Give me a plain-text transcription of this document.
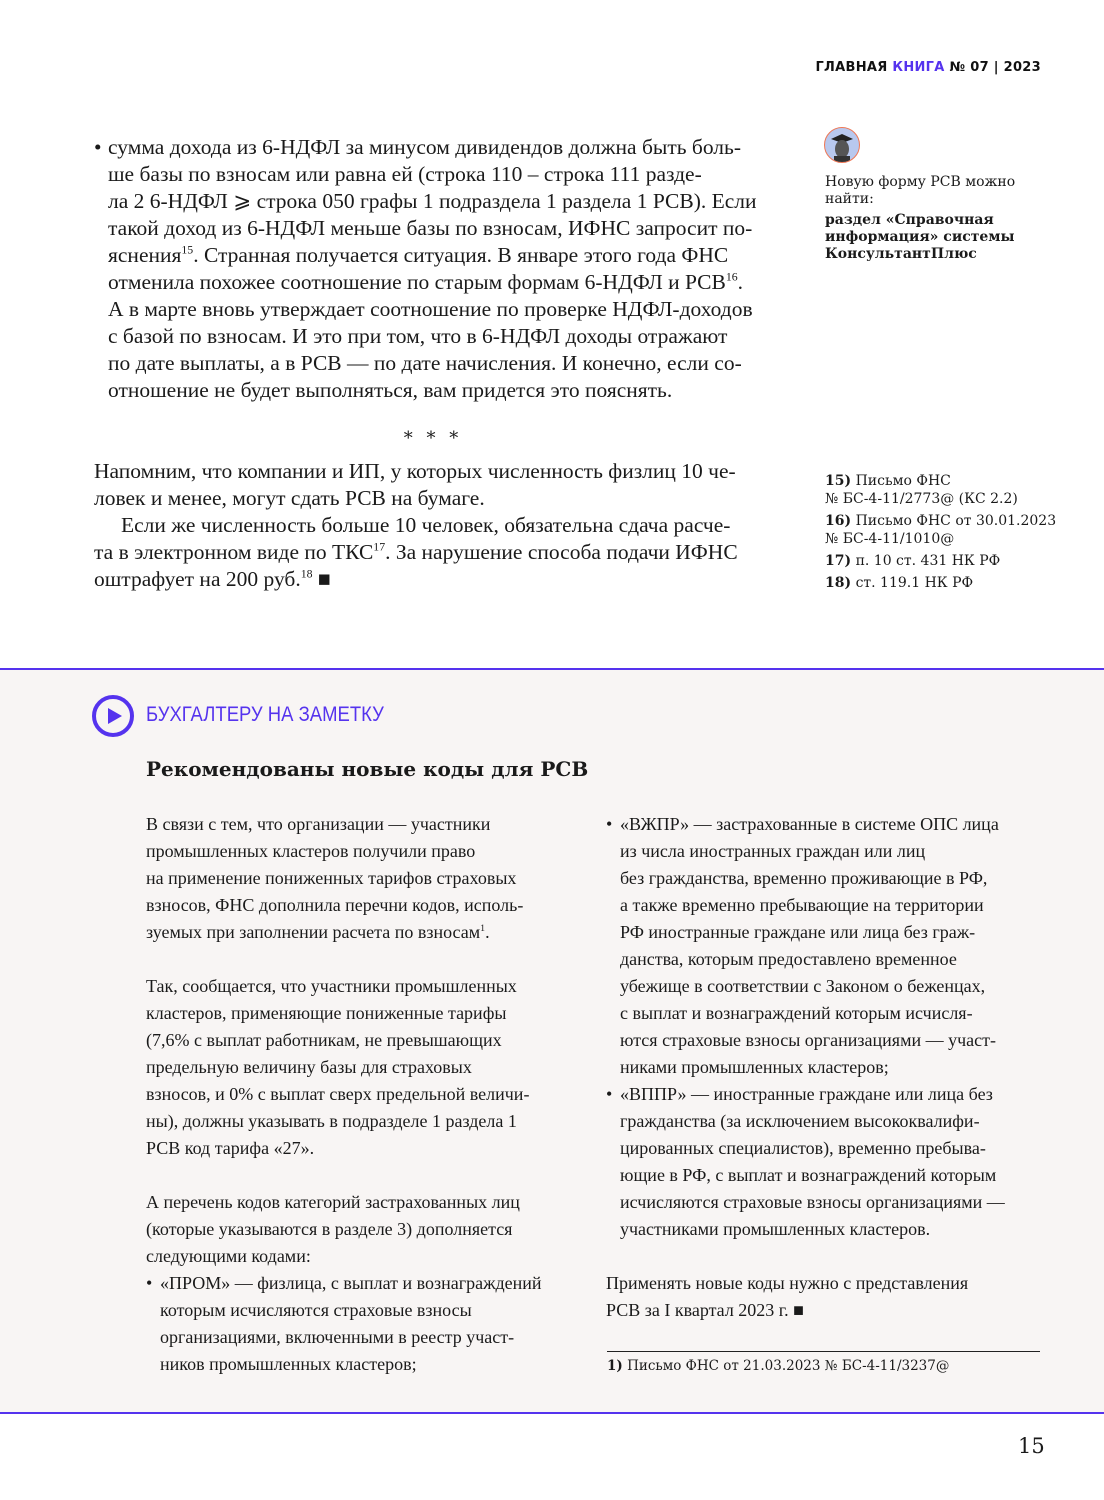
ГЛАВНАЯ КНИГА № 07 | 2023
• сумма дохода из 6-НДФЛ за минусом дивидендов должна быть боль-
ше базы по взносам или равна ей (строка 110 – строка 111 разде-
ла 2 6-НДФЛ ⩾ строка 050 графы 1 подраздела 1 раздела 1 РСВ). Если
такой доход из 6-НДФЛ меньше базы по взносам, ИФНС запросит по-
яснения$^{15}$. Странная получается ситуация. В январе этого года ФНС
отменила похожее соотношение по старым формам 6-НДФЛ и РСВ$^{16}$.
А в марте вновь утверждает соотношение по проверке НДФЛ-доходов
с базой по взносам. И это при том, что в 6-НДФЛ доходы отражают
по дате выплаты, а в РСВ — по дате начисления. И конечно, если со-
отношение не будет выполняться, вам придется это пояснять.
* * *
Напомним, что компании и ИП, у которых численность физлиц 10 че-
ловек и менее, могут сдать РСВ на бумаге.
Если же численность больше 10 человек, обязательна сдача расче-
та в электронном виде по ТКС$^{17}$. За нарушение способа подачи ИФНС
оштрафует на 200 руб.$^{18}$ ■
Новую форму РСВ можно найти:
раздел «Справочная информация» системы КонсультантПлюс
15) Письмо ФНС
№ БС-4-11/2773@ (КС 2.2)
16) Письмо ФНС от 30.01.2023
№ БС-4-11/1010@
17) п. 10 ст. 431 НК РФ
18) ст. 119.1 НК РФ
БУХГАЛТЕРУ НА ЗАМЕТКУ
Рекомендованы новые коды для РСВ
В связи с тем, что организации — участники
промышленных кластеров получили право
на применение пониженных тарифов страховых
взносов, ФНС дополнила перечни кодов, исполь-
зуемых при заполнении расчета по взносам$^1$.
Так, сообщается, что участники промышленных
кластеров, применяющие пониженные тарифы
(7,6% с выплат работникам, не превышающих
предельную величину базы для страховых
взносов, и 0% с выплат сверх предельной величи-
ны), должны указывать в подразделе 1 раздела 1
РСВ код тарифа «27».
А перечень кодов категорий застрахованных лиц
(которые указываются в разделе 3) дополняется
следующими кодами:
• «ПРОМ» — физлица, с выплат и вознаграждений
которым исчисляются страховые взносы
организациями, включенными в реестр участ-
ников промышленных кластеров;
• «ВЖПР» — застрахованные в системе ОПС лица
из числа иностранных граждан или лиц
без гражданства, временно проживающие в РФ,
а также временно пребывающие на территории
РФ иностранные граждане или лица без граж-
данства, которым предоставлено временное
убежище в соответствии с Законом о беженцах,
с выплат и вознаграждений которым исчисля-
ются страховые взносы организациями — участ-
никами промышленных кластеров;
• «ВППР» — иностранные граждане или лица без
гражданства (за исключением высококвалифи-
цированных специалистов), временно пребыва-
ющие в РФ, с выплат и вознаграждений которым
исчисляются страховые взносы организациями —
участниками промышленных кластеров.
Применять новые коды нужно с представления
РСВ за I квартал 2023 г. ■
1) Письмо ФНС от 21.03.2023 № БС-4-11/3237@
15
